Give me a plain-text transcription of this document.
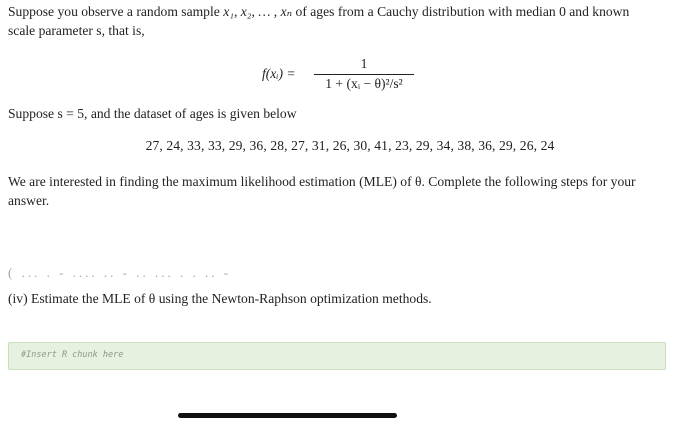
Suppose you observe a random sample x₁, x₂, … , xₙ of ages from a Cauchy distribution with median 0 and known
scale parameter s, that is,
f(xᵢ) =
1
1 + (xᵢ − θ)²/s²
Suppose s = 5, and the dataset of ages is given below
27, 24, 33, 33, 29, 36, 28, 27, 31, 26, 30, 41, 23, 29, 34, 38, 36, 29, 26, 24
We are interested in finding the maximum likelihood estimation (MLE) of θ. Complete the following steps for your
answer.
( ... . - .... .. - .. ... . . .. -
(iv) Estimate the MLE of θ using the Newton-Raphson optimization methods.
#Insert R chunk here
